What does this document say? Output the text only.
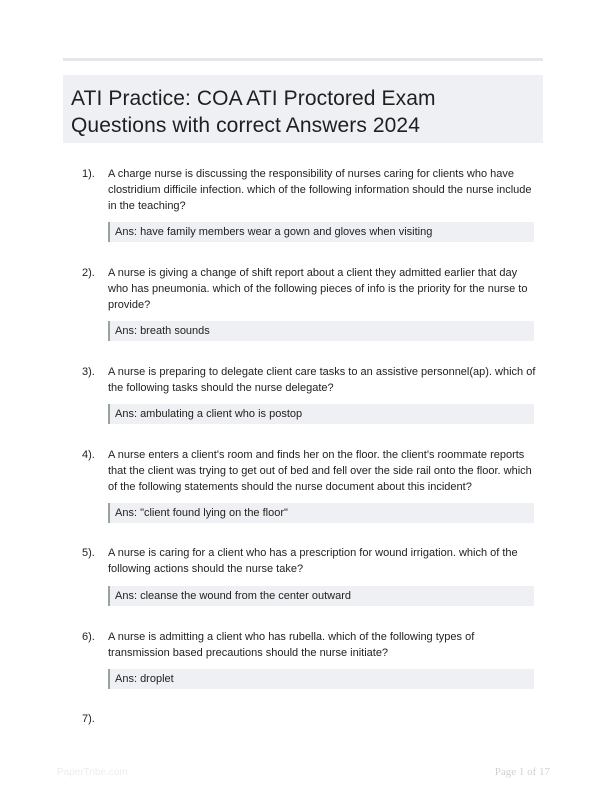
ATI Practice: COA ATI Proctored Exam Questions with correct Answers 2024
1). A charge nurse is discussing the responsibility of nurses caring for clients who have clostridium difficile infection. which of the following information should the nurse include in the teaching?
Ans: have family members wear a gown and gloves when visiting
2). A nurse is giving a change of shift report about a client they admitted earlier that day who has pneumonia. which of the following pieces of info is the priority for the nurse to provide?
Ans: breath sounds
3). A nurse is preparing to delegate client care tasks to an assistive personnel(ap). which of the following tasks should the nurse delegate?
Ans: ambulating a client who is postop
4). A nurse enters a client's room and finds her on the floor. the client's roommate reports that the client was trying to get out of bed and fell over the side rail onto the floor. which of the following statements should the nurse document about this incident?
Ans: "client found lying on the floor"
5). A nurse is caring for a client who has a prescription for wound irrigation. which of the following actions should the nurse take?
Ans: cleanse the wound from the center outward
6). A nurse is admitting a client who has rubella. which of the following types of transmission based precautions should the nurse initiate?
Ans: droplet
7).
PaperTribe.com	Page 1 of 17
